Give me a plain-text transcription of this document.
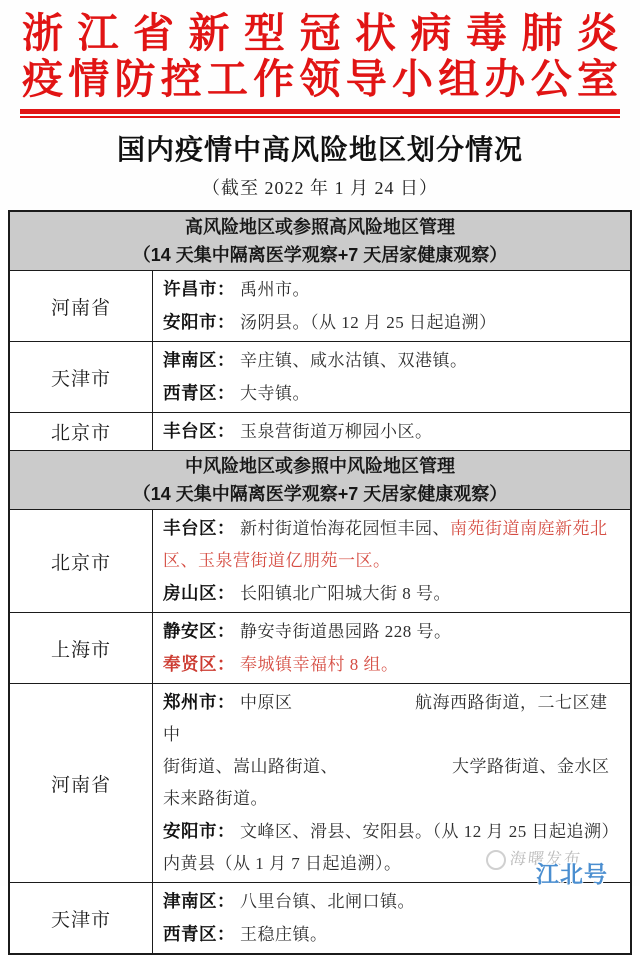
浙江省新型冠状病毒肺炎
疫情防控工作领导小组办公室
国内疫情中高风险地区划分情况
（截至 2022 年 1 月 24 日）
高风险地区或参照高风险地区管理
（14 天集中隔离医学观察+7 天居家健康观察）
河南省
许昌市： 禹州市。
安阳市： 汤阴县。（从 12 月 25 日起追溯）
天津市
津南区： 辛庄镇、咸水沽镇、双港镇。
西青区： 大寺镇。
北京市	丰台区： 玉泉营街道万柳园小区。
中风险地区或参照中风险地区管理
（14 天集中隔离医学观察+7 天居家健康观察）
北京市
丰台区： 新村街道怡海花园恒丰园、南苑街道南庭新苑北
区、玉泉营街道亿朋苑一区。
房山区： 长阳镇北广阳城大街 8 号。
上海市
静安区： 静安寺街道愚园路 228 号。
奉贤区： 奉城镇幸福村 8 组。
河南省
郑州市： 中原区　　　　　　　航海西路街道，二七区建中
街街道、嵩山路街道、　　　　　　　大学路街道、金水区
未来路街道。
安阳市： 文峰区、滑县、安阳县。（从 12 月 25 日起追溯）
内黄县（从 1 月 7 日起追溯）。
天津市
津南区： 八里台镇、北闸口镇。
西青区： 王稳庄镇。
海曙发布
江北号
